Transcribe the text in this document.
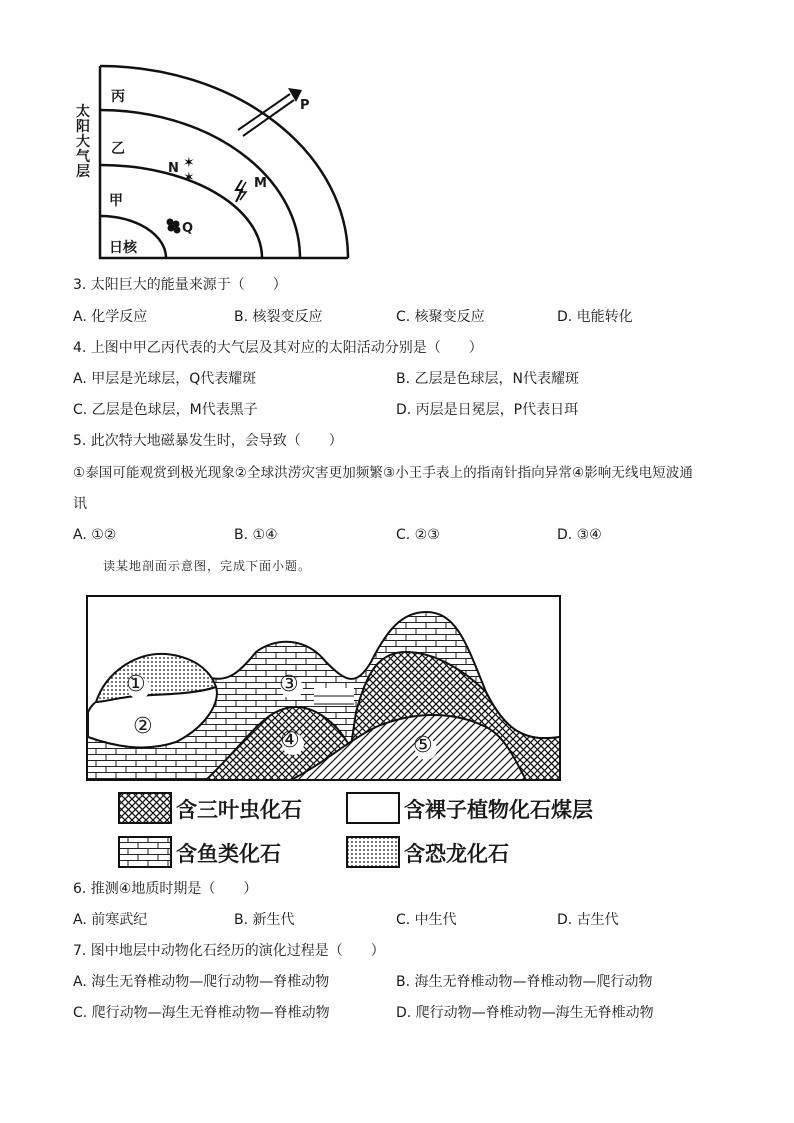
✶
✶
太阳大气层
丙
乙
甲
日核
P
N
M
Q
3. 太阳巨大的能量来源于（　　）
A. 化学反应	B. 核裂变反应	C. 核聚变反应	D. 电能转化
4. 上图中甲乙丙代表的大气层及其对应的太阳活动分别是（　　）
A. 甲层是光球层，Q代表耀斑	B. 乙层是色球层，N代表耀斑
C. 乙层是色球层，M代表黑子	D. 丙层是日冕层，P代表日珥
5. 此次特大地磁暴发生时，会导致（　　）
①泰国可能观赏到极光现象②全球洪涝灾害更加频繁③小王手表上的指南针指向异常④影响无线电短波通
讯
A. ①②	B. ①④	C. ②③	D. ③④
读某地剖面示意图，完成下面小题。
①
②
③
④	⑤
含三叶虫化石	含裸子植物化石煤层
含鱼类化石	含恐龙化石
6. 推测④地质时期是（　　）
A. 前寒武纪	B. 新生代	C. 中生代	D. 古生代
7. 图中地层中动物化石经历的演化过程是（　　）
A. 海生无脊椎动物—爬行动物—脊椎动物	B. 海生无脊椎动物—脊椎动物—爬行动物
C. 爬行动物—海生无脊椎动物—脊椎动物	D. 爬行动物—脊椎动物—海生无脊椎动物
